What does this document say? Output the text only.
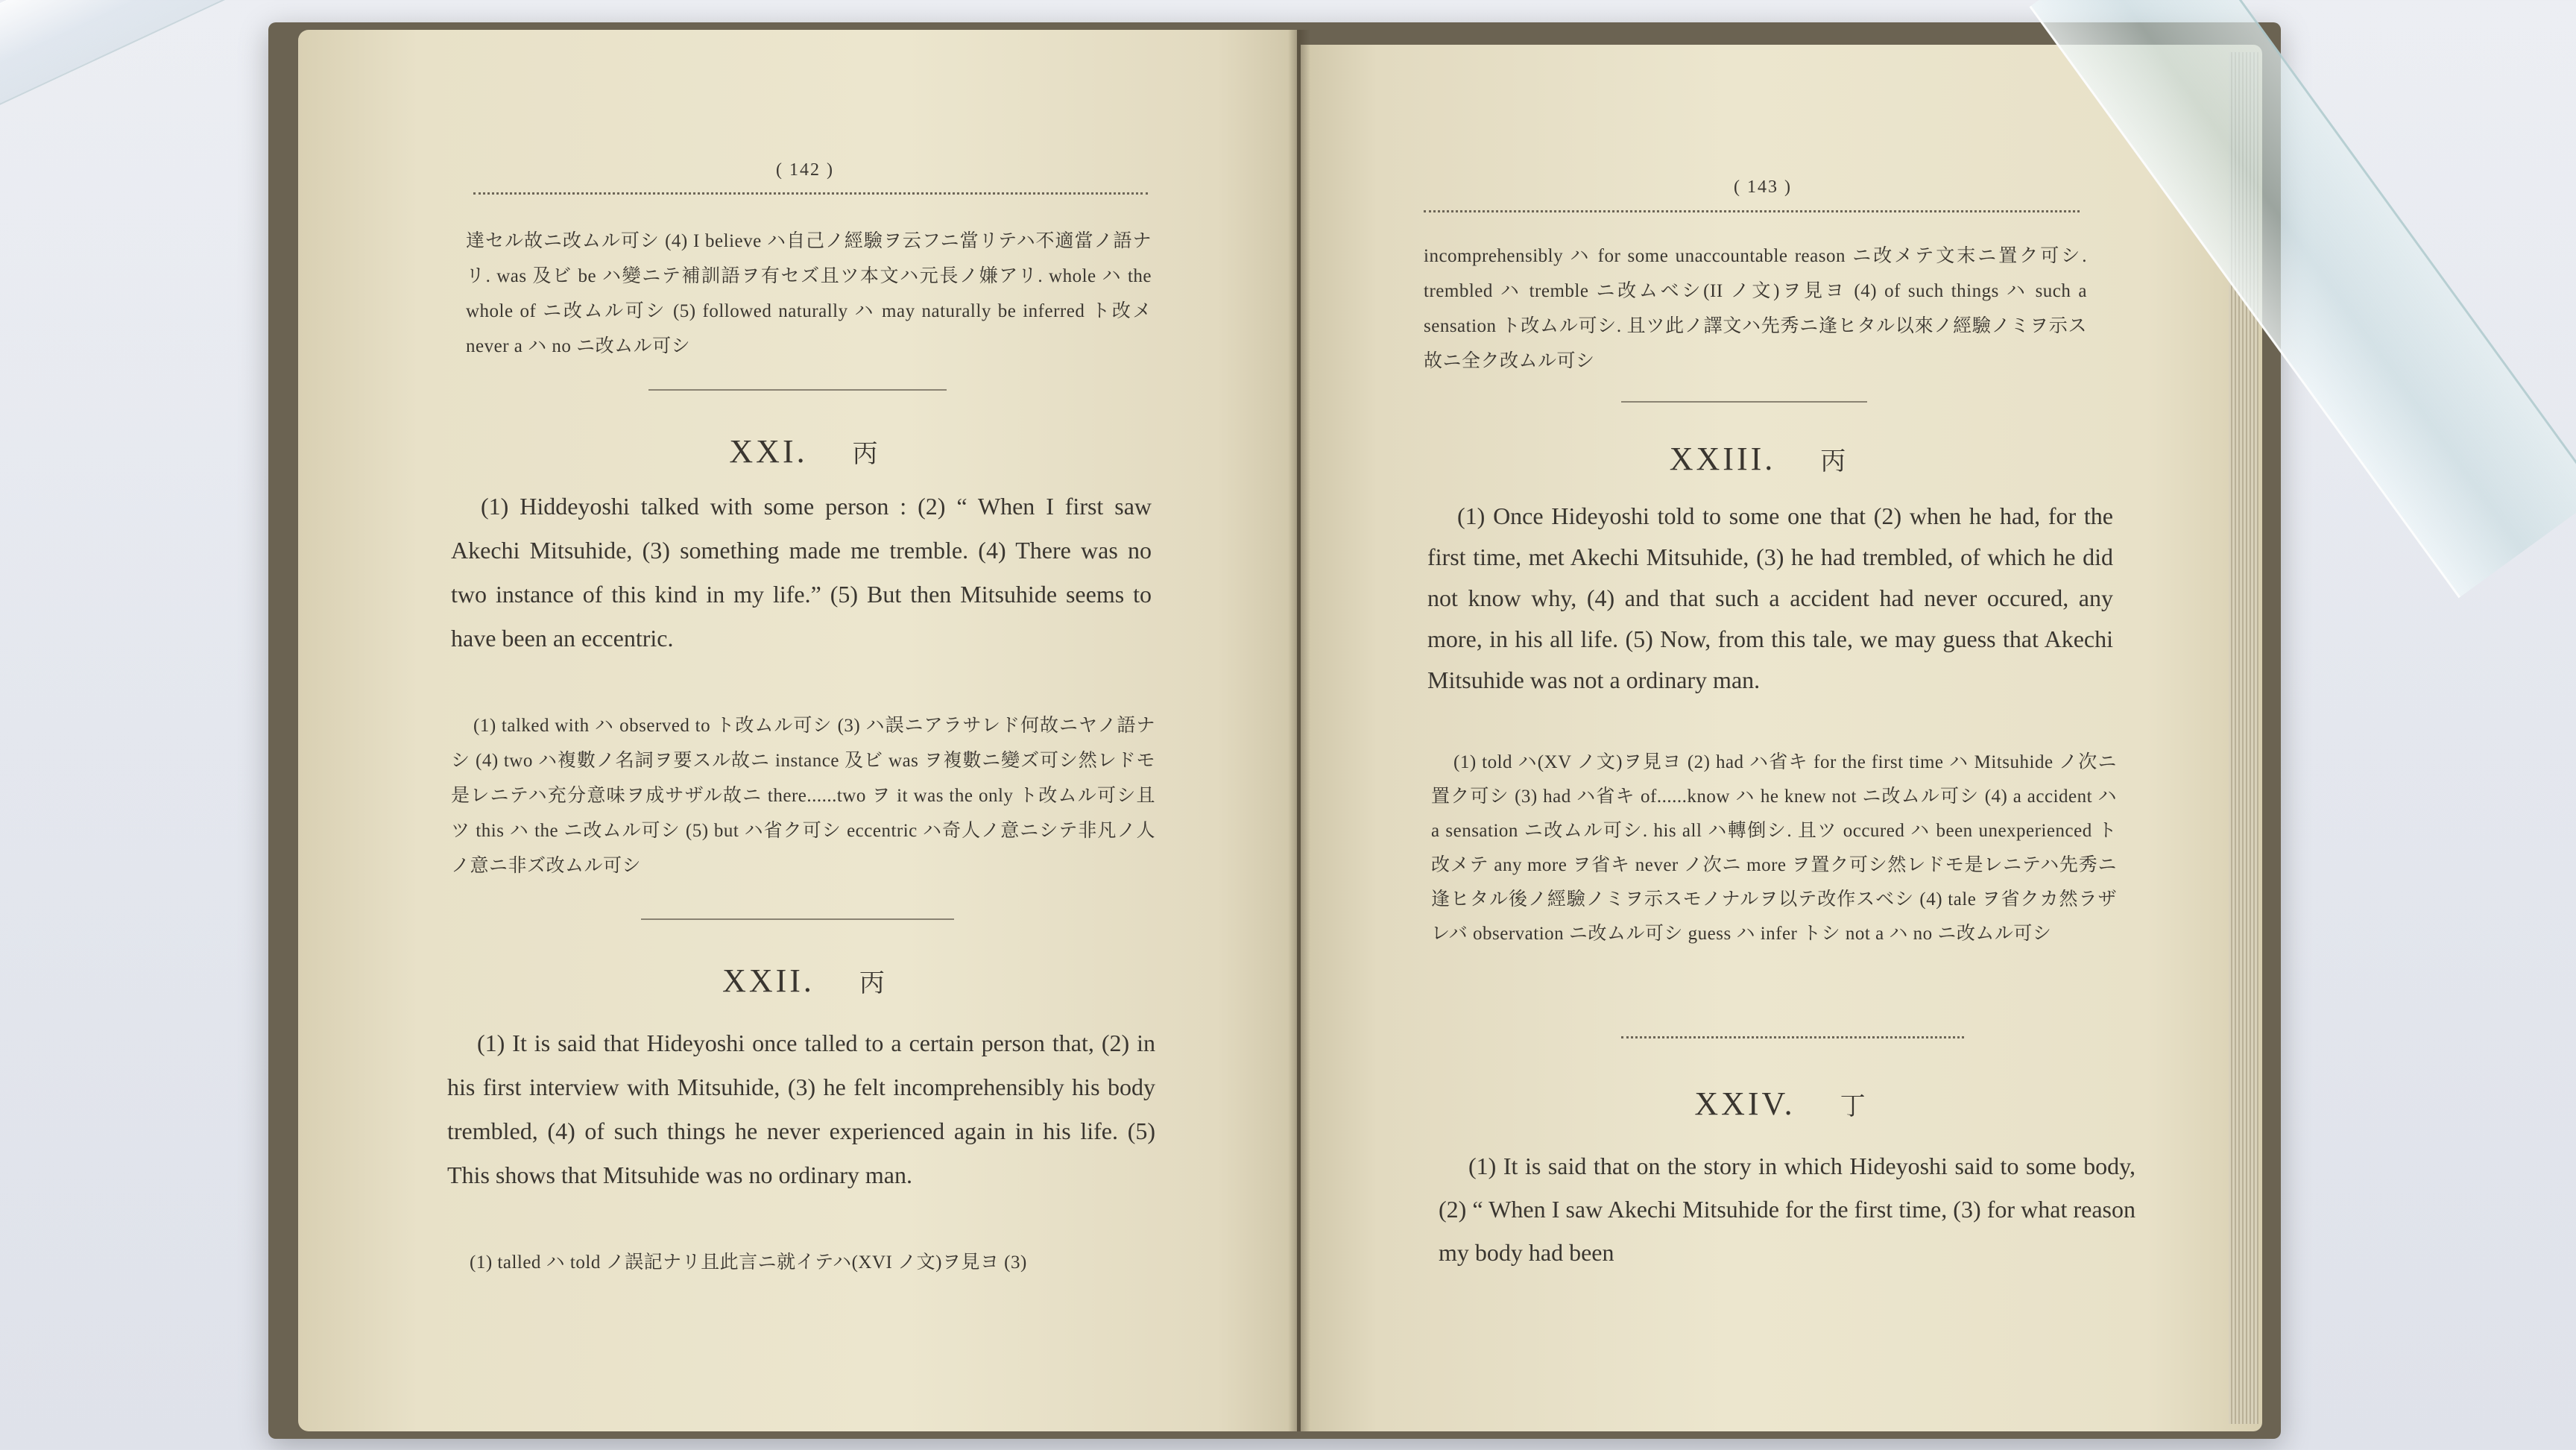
( 142 )
達セル故ニ改ムル可シ (4) I believe ハ自己ノ經驗ヲ云フニ當リテハ不適當ノ語ナリ. was 及ビ be ハ變ニテ補訓語ヲ有セズ且ツ本文ハ元長ノ嫌アリ. whole ハ the whole of ニ改ムル可シ (5) followed naturally ハ may naturally be inferred ト改メ never a ハ no ニ改ムル可シ
XXI. 丙
(1) Hiddeyoshi talked with some person : (2) “ When I first saw Akechi Mitsuhide, (3) something made me tremble. (4) There was no two instance of this kind in my life.” (5) But then Mitsuhide seems to have been an eccentric.
(1) talked with ハ observed to ト改ムル可シ (3) ハ誤ニアラサレド何故ニヤノ語ナシ (4) two ハ複數ノ名詞ヲ要スル故ニ instance 及ビ was ヲ複數ニ變ズ可シ然レドモ是レニテハ充分意味ヲ成サザル故ニ there......two ヲ it was the only ト改ムル可シ且ツ this ハ the ニ改ムル可シ (5) but ハ省ク可シ eccentric ハ奇人ノ意ニシテ非凡ノ人ノ意ニ非ズ改ムル可シ
XXII. 丙
(1) It is said that Hideyoshi once talled to a certain person that, (2) in his first interview with Mitsuhide, (3) he felt incomprehensibly his body trembled, (4) of such things he never experienced again in his life. (5) This shows that Mitsuhide was no ordinary man.
(1) talled ハ told ノ誤記ナリ且此言ニ就イテハ(XVI ノ文)ヲ見ヨ (3)
( 143 )
incomprehensibly ハ for some unaccountable reason ニ改メテ文末ニ置ク可シ. trembled ハ tremble ニ改ムベシ(II ノ文)ヲ見ヨ (4) of such things ハ such a sensation ト改ムル可シ. 且ツ此ノ譯文ハ先秀ニ逢ヒタル以來ノ經驗ノミヲ示ス故ニ全ク改ムル可シ
XXIII. 丙
(1) Once Hideyoshi told to some one that (2) when he had, for the first time, met Akechi Mitsuhide, (3) he had trembled, of which he did not know why, (4) and that such a accident had never occured, any more, in his all life. (5) Now, from this tale, we may guess that Akechi Mitsuhide was not a ordinary man.
(1) told ハ(XV ノ文)ヲ見ヨ (2) had ハ省キ for the first time ハ Mitsuhide ノ次ニ置ク可シ (3) had ハ省キ of......know ハ he knew not ニ改ムル可シ (4) a accident ハ a sensation ニ改ムル可シ. his all ハ轉倒シ. 且ツ occured ハ been unexperienced ト改メテ any more ヲ省キ never ノ次ニ more ヲ置ク可シ然レドモ是レニテハ先秀ニ逢ヒタル後ノ經驗ノミヲ示スモノナルヲ以テ改作スベシ (4) tale ヲ省クカ然ラザレバ observation ニ改ムル可シ guess ハ infer トシ not a ハ no ニ改ムル可シ
XXIV. 丁
(1) It is said that on the story in which Hideyoshi said to some body, (2) “ When I saw Akechi Mitsuhide for the first time, (3) for what reason my body had been
